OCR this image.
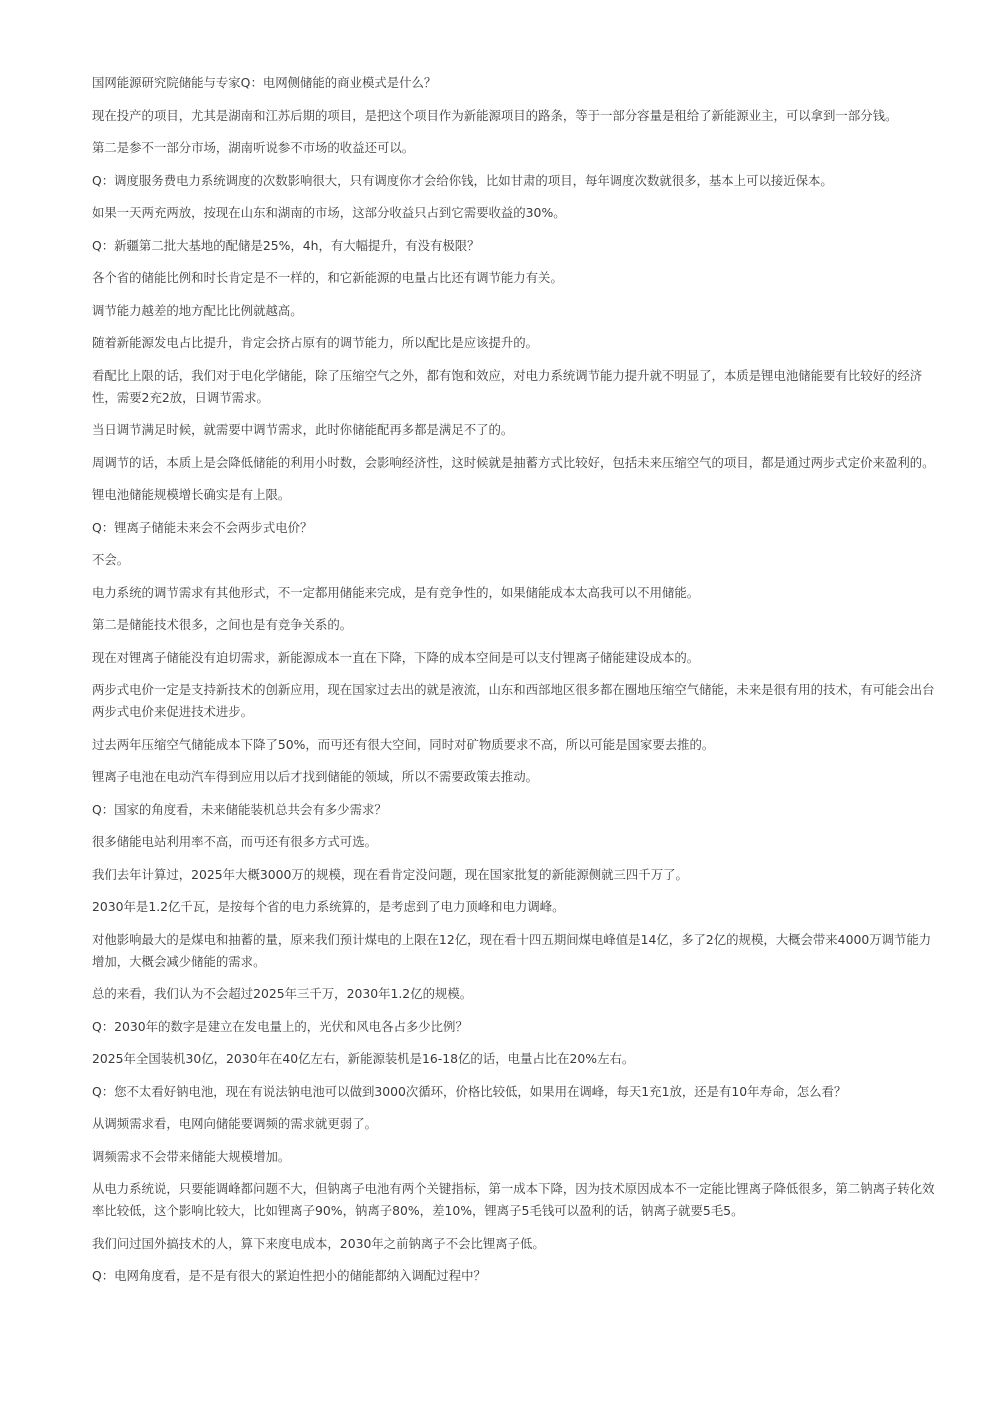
国网能源研究院储能与专家Q：电网侧储能的商业模式是什么？

现在投产的项目，尤其是湖南和江苏后期的项目，是把这个项目作为新能源项目的路条，等于一部分容量是租给了新能源业主，可以拿到一部分钱。

第二是参不一部分市场，湖南听说参不市场的收益还可以。

Q：调度服务费电力系统调度的次数影响很大，只有调度你才会给你钱，比如甘肃的项目，每年调度次数就很多，基本上可以接近保本。

如果一天两充两放，按现在山东和湖南的市场，这部分收益只占到它需要收益的30%。

Q：新疆第二批大基地的配储是25%，4h，有大幅提升，有没有极限？

各个省的储能比例和时长肯定是不一样的，和它新能源的电量占比还有调节能力有关。

调节能力越差的地方配比比例就越高。

随着新能源发电占比提升，肯定会挤占原有的调节能力，所以配比是应该提升的。

看配比上限的话，我们对于电化学储能，除了压缩空气之外，都有饱和效应，对电力系统调节能力提升就不明显了，本质是锂电池储能要有比较好的经济性，需要2充2放，日调节需求。

当日调节满足时候，就需要中调节需求，此时你储能配再多都是满足不了的。

周调节的话，本质上是会降低储能的利用小时数，会影响经济性，这时候就是抽蓄方式比较好，包括未来压缩空气的项目，都是通过两步式定价来盈利的。

锂电池储能规模增长确实是有上限。

Q：锂离子储能未来会不会两步式电价？

不会。

电力系统的调节需求有其他形式，不一定都用储能来完成，是有竞争性的，如果储能成本太高我可以不用储能。

第二是储能技术很多，之间也是有竞争关系的。

现在对锂离子储能没有迫切需求，新能源成本一直在下降，下降的成本空间是可以支付锂离子储能建设成本的。

两步式电价一定是支持新技术的创新应用，现在国家过去出的就是液流，山东和西部地区很多都在圈地压缩空气储能，未来是很有用的技术，有可能会出台两步式电价来促进技术进步。

过去两年压缩空气储能成本下降了50%，而丏还有很大空间，同时对矿物质要求不高，所以可能是国家要去推的。

锂离子电池在电动汽车得到应用以后才找到储能的领域，所以不需要政策去推动。

Q：国家的角度看，未来储能装机总共会有多少需求？

很多储能电站利用率不高，而丏还有很多方式可选。

我们去年计算过，2025年大概3000万的规模，现在看肯定没问题，现在国家批复的新能源侧就三四千万了。

2030年是1.2亿千瓦，是按每个省的电力系统算的，是考虑到了电力顶峰和电力调峰。

对他影响最大的是煤电和抽蓄的量，原来我们预计煤电的上限在12亿，现在看十四五期间煤电峰值是14亿，多了2亿的规模，大概会带来4000万调节能力增加，大概会减少储能的需求。

总的来看，我们认为不会超过2025年三千万，2030年1.2亿的规模。

Q：2030年的数字是建立在发电量上的，光伏和风电各占多少比例？

2025年全国装机30亿，2030年在40亿左右，新能源装机是16-18亿的话，电量占比在20%左右。

Q：您不太看好钠电池，现在有说法钠电池可以做到3000次循环，价格比较低，如果用在调峰，每天1充1放，还是有10年寿命，怎么看？

从调频需求看，电网向储能要调频的需求就更弱了。

调频需求不会带来储能大规模增加。

从电力系统说，只要能调峰都问题不大，但钠离子电池有两个关键指标，第一成本下降，因为技术原因成本不一定能比锂离子降低很多，第二钠离子转化效率比较低，这个影响比较大，比如锂离子90%，钠离子80%，差10%，锂离子5毛钱可以盈利的话，钠离子就要5毛5。

我们问过国外搞技术的人，算下来度电成本，2030年之前钠离子不会比锂离子低。

Q：电网角度看，是不是有很大的紧迫性把小的储能都纳入调配过程中？
